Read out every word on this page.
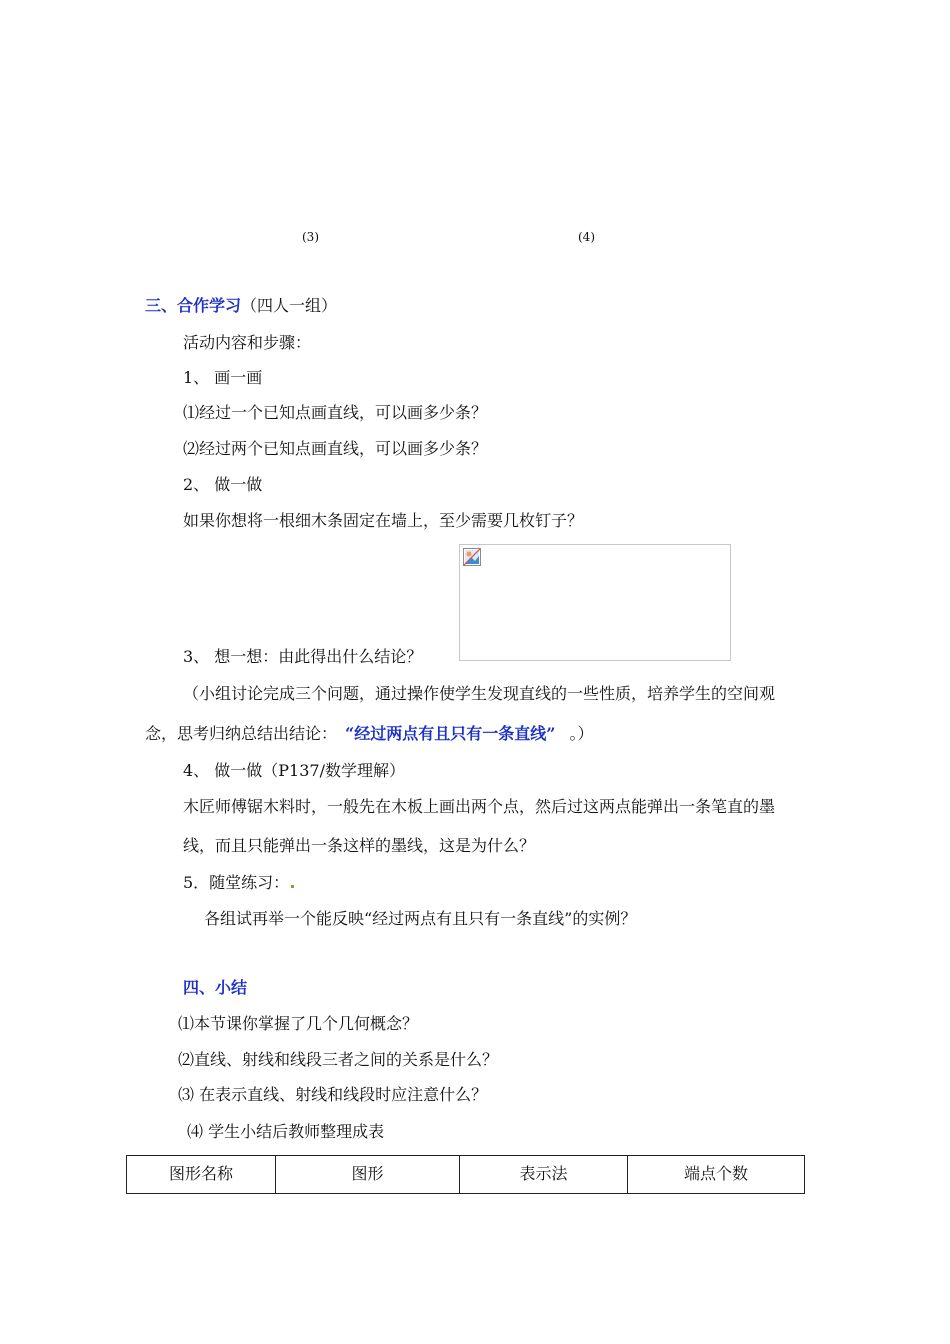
(3)	(4)
三、合作学习（四人一组）
活动内容和步骤：
1、 画一画
⑴经过一个已知点画直线，可以画多少条？
⑵经过两个已知点画直线，可以画多少条？
2、 做一做
如果你想将一根细木条固定在墙上，至少需要几枚钉子？
3、 想一想：由此得出什么结论？
（小组讨论完成三个问题，通过操作使学生发现直线的一些性质，培养学生的空间观
念，思考归纳总结出结论： “经过两点有且只有一条直线” 。）
4、 做一做（P137/数学理解）
木匠师傅锯木料时，一般先在木板上画出两个点，然后过这两点能弹出一条笔直的墨
线，而且只能弹出一条这样的墨线，这是为什么？
5．随堂练习：
各组试再举一个能反映“经过两点有且只有一条直线”的实例？
四、小结
⑴本节课你掌握了几个几何概念？
⑵直线、射线和线段三者之间的关系是什么？
⑶ 在表示直线、射线和线段时应注意什么？
⑷ 学生小结后教师整理成表
图形名称	图形	表示法	端点个数
